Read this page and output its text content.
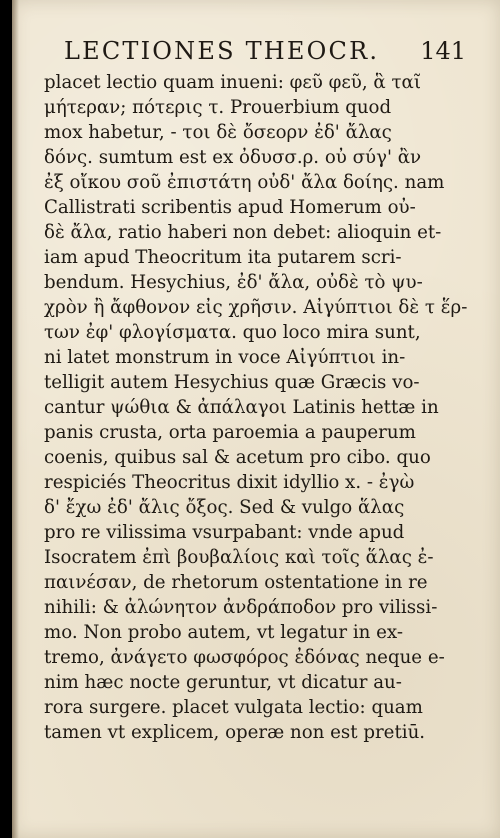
LECTIONES THEOCR. 141
placet lectio quam inueni: φεῦ φεῦ, ἃ ταῖ
μήτεραν; πότερις τ. Prouerbium quod
mox habetur, - τοι δὲ ὄσεορν ἐδ' ἄλας
δόνς. sumtum est ex ὀδυσσ.ρ. οὐ σύγ' ἂν
ἐξ οἴκου σοῦ ἐπιστάτη οὐδ' ἄλα δοίης. nam
Callistrati scribentis apud Homerum οὐ-
δὲ ἄλα, ratio haberi non debet: alioquin et-
iam apud Theocritum ita putarem scri-
bendum. Hesychius, ἐδ' ἄλα, οὐδὲ τὸ ψυ-
χρὸν ἢ ἄφθονον εἰς χρῆσιν. Αἰγύπτιοι δὲ τ ἕρ-
των ἐφ' φλογίσματα. quo loco mira sunt,
ni latet monstrum in voce Αἰγύπτιοι in-
telligit autem Hesychius quæ Græcis vo-
cantur ψώθια & ἀπάλαγοι Latinis hettæ in
panis crusta, orta paroemia a pauperum
coenis, quibus sal & acetum pro cibo. quo
respiciés Theocritus dixit idyllio x. - ἐγὼ
δ' ἔχω ἐδ' ἄλις ὄξος. Sed & vulgo ἅλας
pro re vilissima vsurpabant: vnde apud
Isocratem ἐπὶ βουβαλίοις καὶ τοῖς ἅλας ἐ-
παινέσαν, de rhetorum ostentatione in re
nihili: & ἀλώνητον ἀνδράποδον pro vilissi-
mo. Non probo autem, vt legatur in ex-
tremo, ἀνάγετο φωσφόρος ἐδόνας neque e-
nim hæc nocte geruntur, vt dicatur au-
rora surgere. placet vulgata lectio: quam
tamen vt explicem, operæ non est pretiū.
